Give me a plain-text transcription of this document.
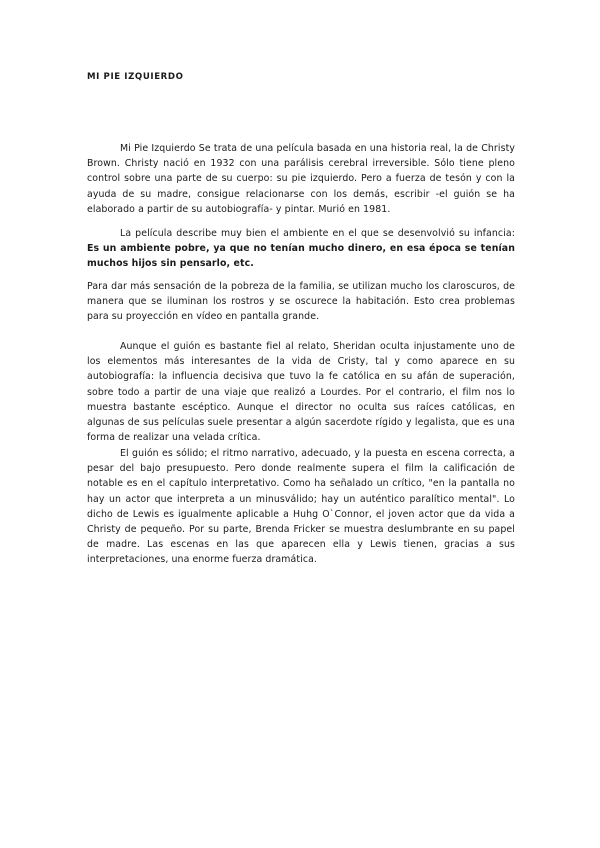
MI PIE IZQUIERDO

Mi Pie Izquierdo Se trata de una película basada en una historia real, la de Christy Brown. Christy nació en 1932 con una parálisis cerebral irreversible. Sólo tiene pleno control sobre una parte de su cuerpo: su pie izquierdo. Pero a fuerza de tesón y con la ayuda de su madre, consigue relacionarse con los demás, escribir -el guión se ha elaborado a partir de su autobiografía- y pintar. Murió en 1981.

La película describe muy bien el ambiente en el que se desenvolvió su infancia: Es un ambiente pobre, ya que no tenían mucho dinero, en esa época se tenían muchos hijos sin pensarlo, etc.

Para dar más sensación de la pobreza de la familia, se utilizan mucho los claroscuros, de manera que se iluminan los rostros y se oscurece la habitación. Esto crea problemas para su proyección en vídeo en pantalla grande.

Aunque el guión es bastante fiel al relato, Sheridan oculta injustamente uno de los elementos más interesantes de la vida de Cristy, tal y como aparece en su autobiografía: la influencia decisiva que tuvo la fe católica en su afán de superación, sobre todo a partir de una viaje que realizó a Lourdes. Por el contrario, el film nos lo muestra bastante escéptico. Aunque el director no oculta sus raíces católicas, en algunas de sus películas suele presentar a algún sacerdote rígido y legalista, que es una forma de realizar una velada crítica.

El guión es sólido; el ritmo narrativo, adecuado, y la puesta en escena correcta, a pesar del bajo presupuesto. Pero donde realmente supera el film la calificación de notable es en el capítulo interpretativo. Como ha señalado un crítico, "en la pantalla no hay un actor que interpreta a un minusválido; hay un auténtico paralítico mental". Lo dicho de Lewis es igualmente aplicable a Huhg O`Connor, el joven actor que da vida a Christy de pequeño. Por su parte, Brenda Fricker se muestra deslumbrante en su papel de madre. Las escenas en las que aparecen ella y Lewis tienen, gracias a sus interpretaciones, una enorme fuerza dramática.
